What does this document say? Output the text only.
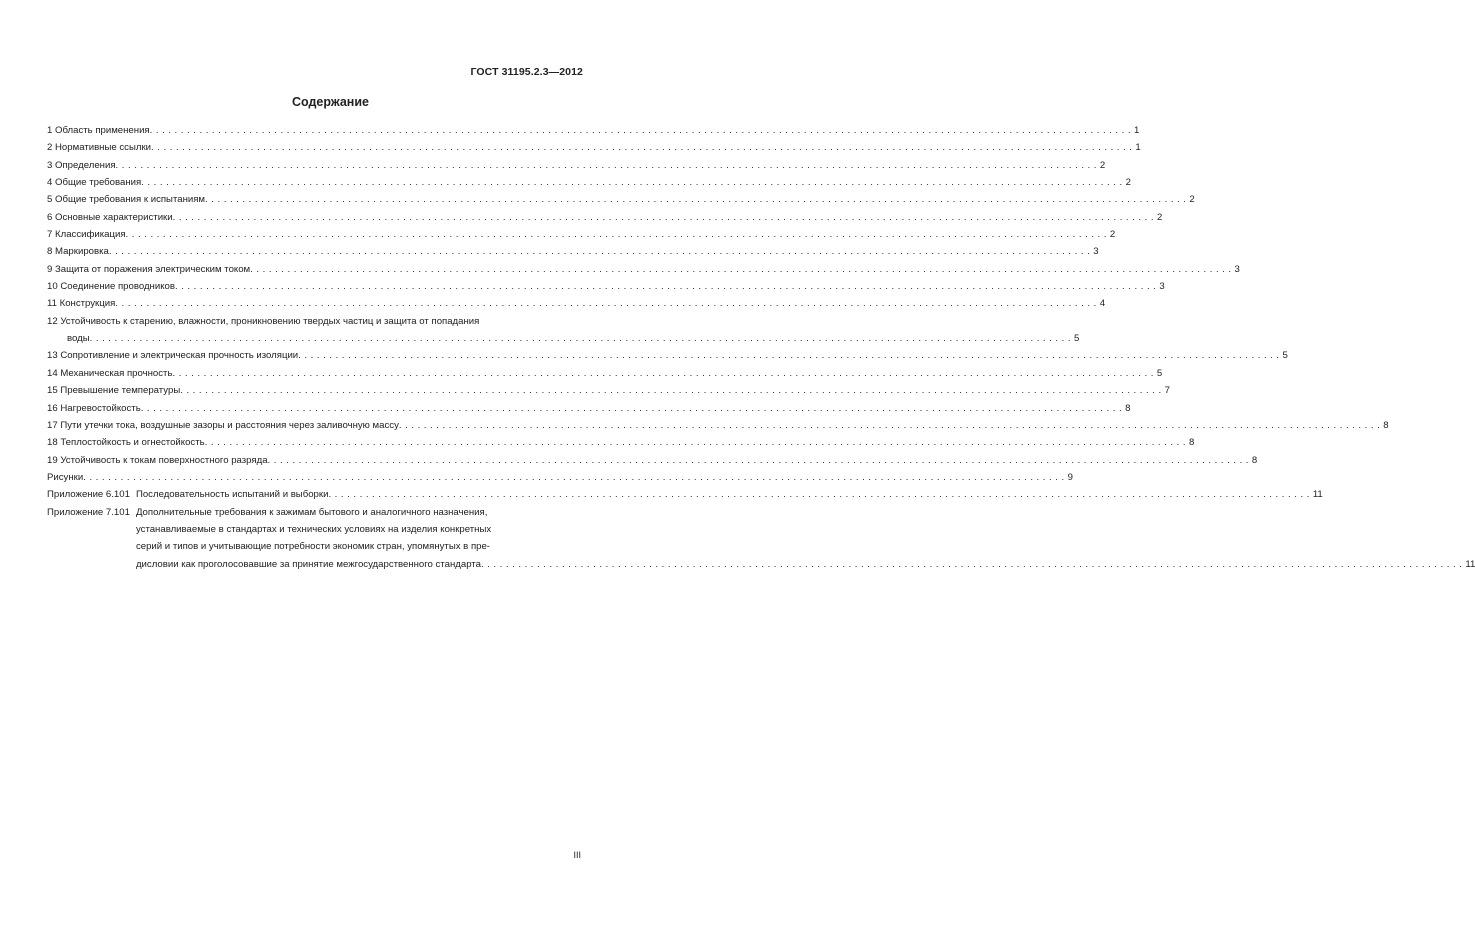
ГОСТ 31195.2.3—2012
Содержание
1 Область применения . . .	1
2 Нормативные ссылки . . .	1
3 Определения . . .	2
4 Общие требования . . .	2
5 Общие требования к испытаниям . . .	2
6 Основные характеристики . . .	2
7 Классификация . . .	2
8 Маркировка . . .	3
9 Защита от поражения электрическим током . . .	3
10 Соединение проводников . . .	3
11 Конструкция . . .	4
12 Устойчивость к старению, влажности, проникновению твердых частиц и защита от попадания
воды . . .	5
13 Сопротивление и электрическая прочность изоляции . . .	5
14 Механическая прочность . . .	5
15 Превышение температуры . . .	7
16 Нагревостойкость . . .	8
17 Пути утечки тока, воздушные зазоры и расстояния через заливочную массу . . .	8
18 Теплостойкость и огнестойкость . . .	8
19 Устойчивость к токам поверхностного разряда . . .	8
Рисунки . . .	9
Приложение 6.101 Последовательность испытаний и выборки . . .	11
Приложение 7.101 Дополнительные требования к зажимам бытового и аналогичного назначения,
устанавливаемые в стандартах и технических условиях на изделия конкретных
серий и типов и учитывающие потребности экономик стран, упомянутых в пре-
дисловии как проголосовавшие за принятие межгосударственного стандарта . . .	11
III
